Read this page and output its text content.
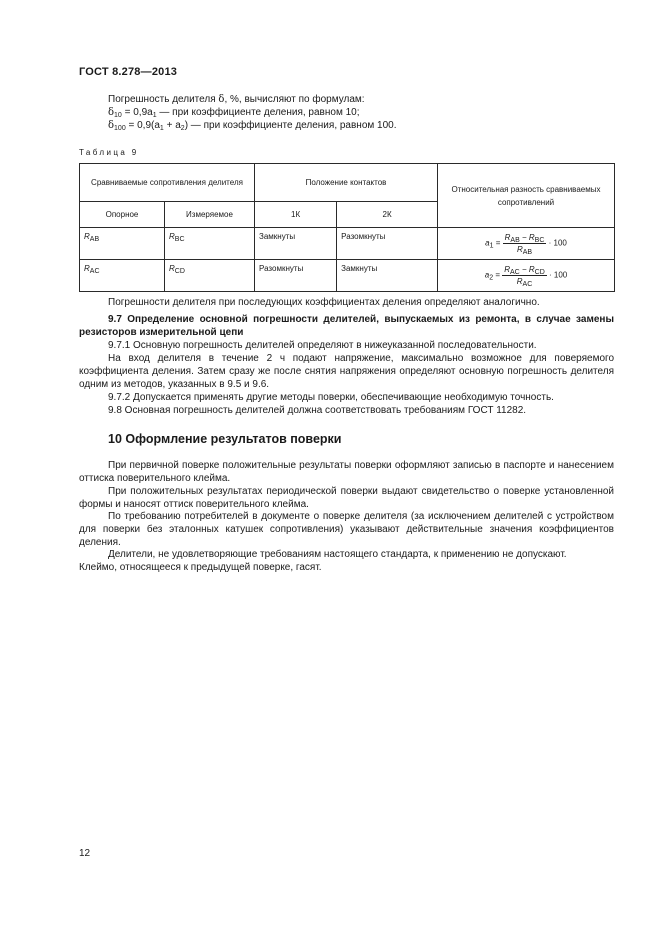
ГОСТ 8.278—2013
Погрешность делителя δ, %, вычисляют по формулам:
$\delta_{10} = 0,9a_1$ — при коэффициенте деления, равном 10;
$\delta_{100} = 0,9(a_1 + a_2)$ — при коэффициенте деления, равном 100.
Таблица 9
Сравниваемые сопротивления делителя		Положение контактов		Относительная разность сравниваемых сопротивлений
Опорное	Измеряемое	1К	2К	
$R_{AB}$	$R_{BC}$	Замкнуты	Разомкнуты	$a_1 = \frac{R_{AB} - R_{BC}}{R_{AB}} \cdot 100$
$R_{AC}$	$R_{CD}$	Разомкнуты	Замкнуты	$a_2 = \frac{R_{AC} - R_{CD}}{R_{AC}} \cdot 100$
Погрешности делителя при последующих коэффициентах деления определяют аналогично.
9.7 Определение основной погрешности делителей, выпускаемых из ремонта, в случае замены резисторов измерительной цепи
9.7.1 Основную погрешность делителей определяют в нижеуказанной последовательности.
На вход делителя в течение 2 ч подают напряжение, максимально возможное для поверяемого коэффициента деления. Затем сразу же после снятия напряжения определяют основную погрешность делителя одним из методов, указанных в 9.5 и 9.6.
9.7.2 Допускается применять другие методы поверки, обеспечивающие необходимую точность.
9.8 Основная погрешность делителей должна соответствовать требованиям ГОСТ 11282.
10 Оформление результатов поверки
При первичной поверке положительные результаты поверки оформляют записью в паспорте и нанесением оттиска поверительного клейма.
При положительных результатах периодической поверки выдают свидетельство о поверке установленной формы и наносят оттиск поверительного клейма.
По требованию потребителей в документе о поверке делителя (за исключением делителей с устройством для поверки без эталонных катушек сопротивления) указывают действительные значения коэффициентов деления.
Делители, не удовлетворяющие требованиям настоящего стандарта, к применению не допускают.
Клеймо, относящееся к предыдущей поверке, гасят.
12
